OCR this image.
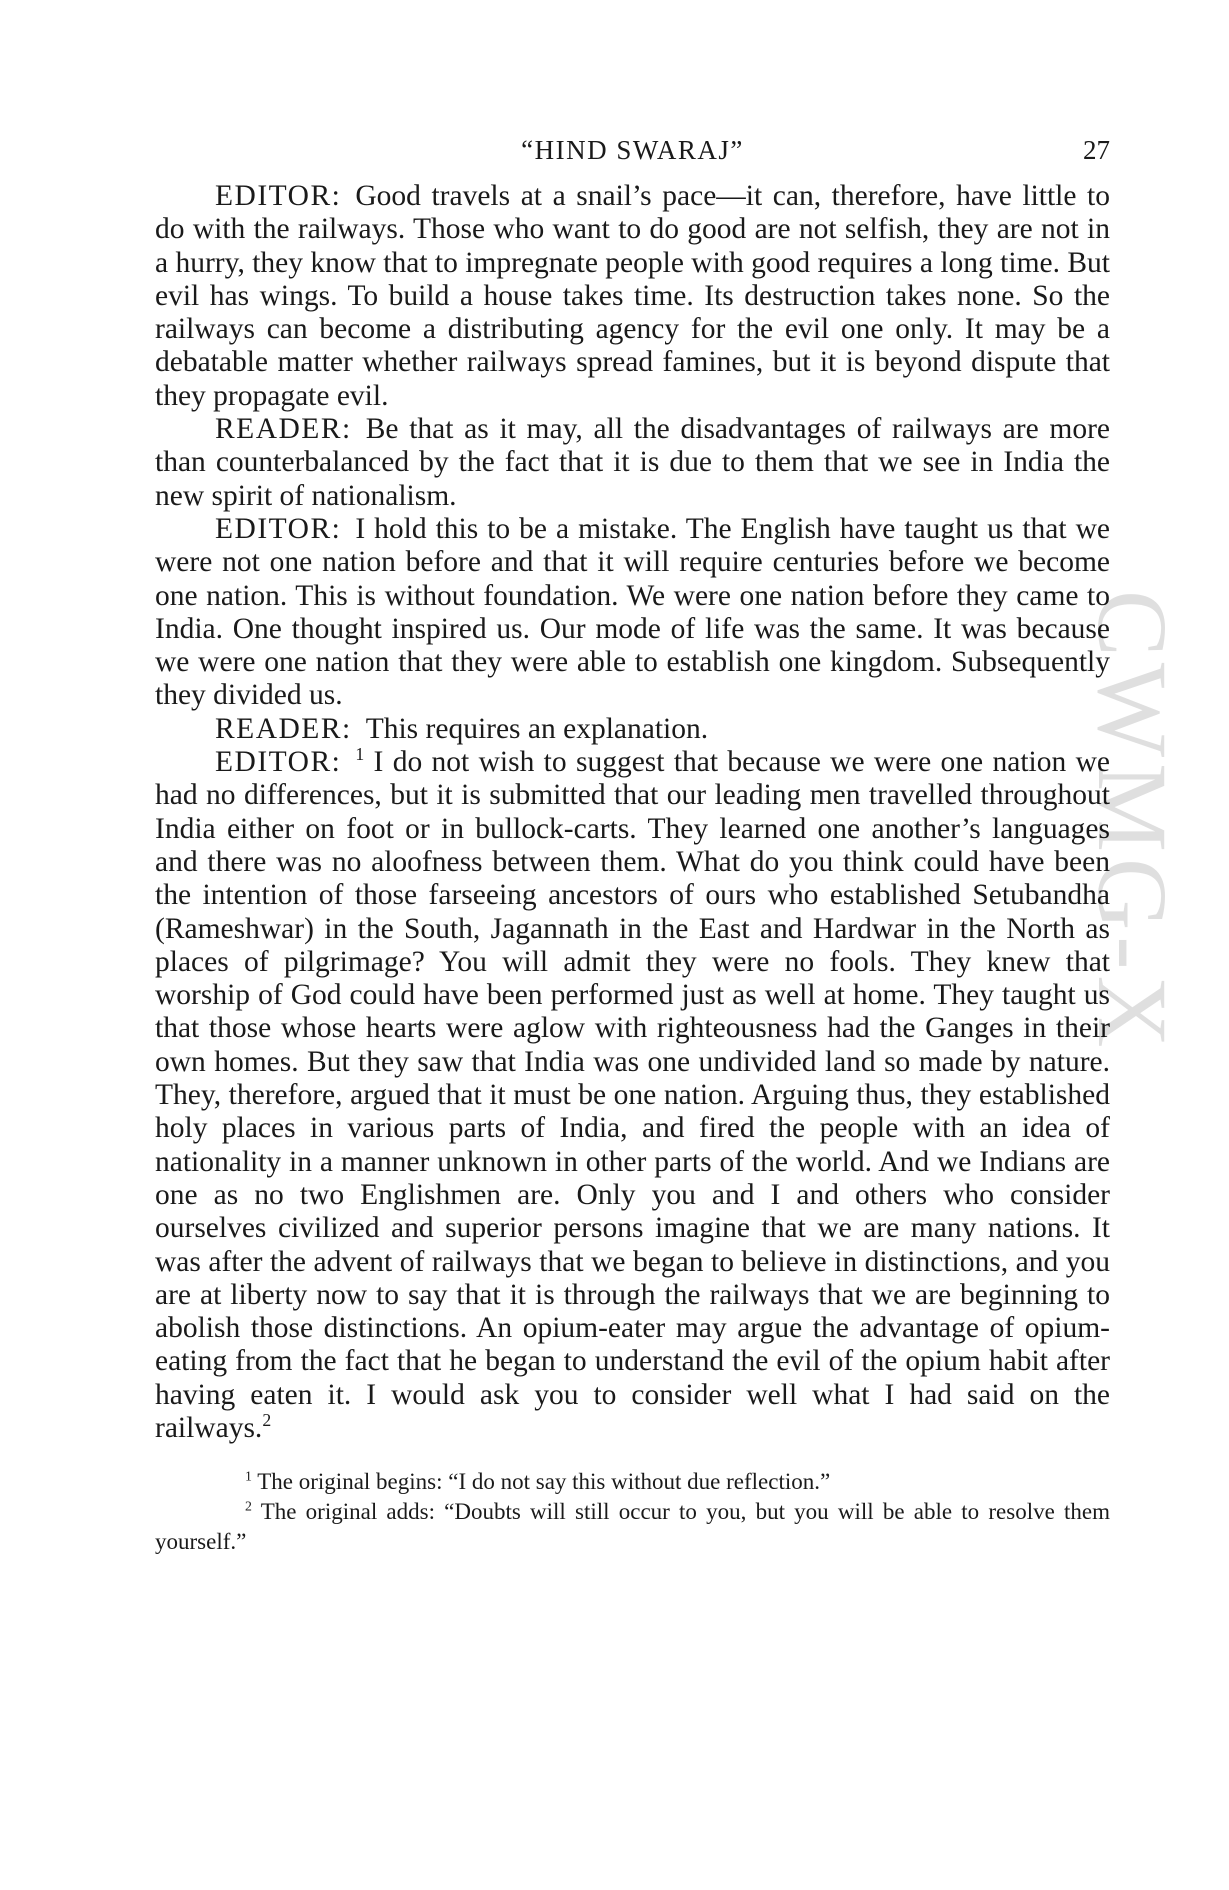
“HIND SWARAJ”	27

EDITOR: Good travels at a snail’s pace—it can, therefore, have little to do with the railways. Those who want to do good are not selfish, they are not in a hurry, they know that to impregnate people with good requires a long time. But evil has wings. To build a house takes time. Its destruction takes none. So the railways can become a distributing agency for the evil one only. It may be a debatable matter whether railways spread famines, but it is beyond dispute that they propagate evil.

READER: Be that as it may, all the disadvantages of railways are more than counterbalanced by the fact that it is due to them that we see in India the new spirit of nationalism.

EDITOR: I hold this to be a mistake. The English have taught us that we were not one nation before and that it will require centuries before we become one nation. This is without foundation. We were one nation before they came to India. One thought inspired us. Our mode of life was the same. It was because we were one nation that they were able to establish one kingdom. Subsequently they divided us.

READER: This requires an explanation.

EDITOR: $^1$ I do not wish to suggest that because we were one nation we had no differences, but it is submitted that our leading men travelled throughout India either on foot or in bullock-carts. They learned one another’s languages and there was no aloofness between them. What do you think could have been the intention of those farseeing ancestors of ours who established Setubandha (Rameshwar) in the South, Jagannath in the East and Hardwar in the North as places of pilgrimage? You will admit they were no fools. They knew that worship of God could have been performed just as well at home. They taught us that those whose hearts were aglow with righteousness had the Ganges in their own homes. But they saw that India was one undivided land so made by nature. They, therefore, argued that it must be one nation. Arguing thus, they established holy places in various parts of India, and fired the people with an idea of nationality in a manner unknown in other parts of the world. And we Indians are one as no two Englishmen are. Only you and I and others who consider ourselves civilized and superior persons imagine that we are many nations. It was after the advent of railways that we began to believe in distinctions, and you are at liberty now to say that it is through the railways that we are beginning to abolish those distinctions. An opium-eater may argue the advantage of opium-eating from the fact that he began to understand the evil of the opium habit after having eaten it. I would ask you to consider well what I had said on the railways.$^2$

$^1$ The original begins: “I do not say this without due reflection.”

$^2$ The original adds: “Doubts will still occur to you, but you will be able to resolve them yourself.”

CWMG-X
